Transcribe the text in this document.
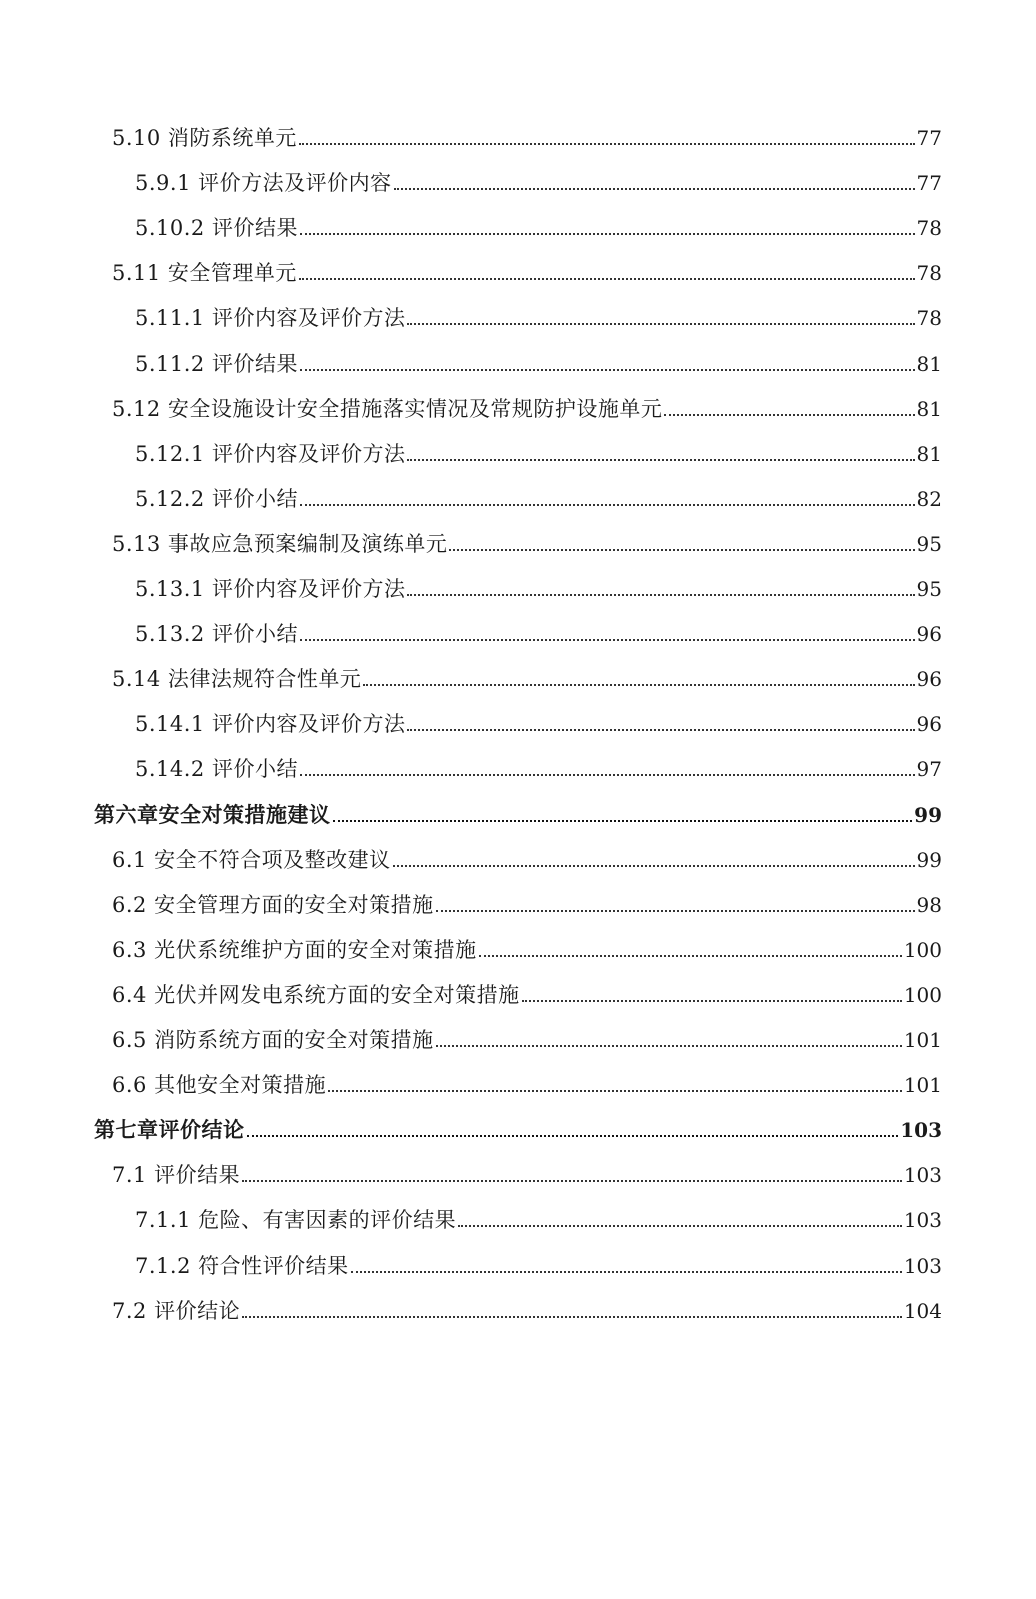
5.10 消防系统单元	77
5.9.1 评价方法及评价内容	77
5.10.2 评价结果	78
5.11 安全管理单元	78
5.11.1 评价内容及评价方法	78
5.11.2 评价结果	81
5.12 安全设施设计安全措施落实情况及常规防护设施单元	81
5.12.1 评价内容及评价方法	81
5.12.2 评价小结	82
5.13 事故应急预案编制及演练单元	95
5.13.1 评价内容及评价方法	95
5.13.2 评价小结	96
5.14 法律法规符合性单元	96
5.14.1 评价内容及评价方法	96
5.14.2 评价小结	97
第六章安全对策措施建议	99
6.1 安全不符合项及整改建议	99
6.2 安全管理方面的安全对策措施	98
6.3 光伏系统维护方面的安全对策措施	100
6.4 光伏并网发电系统方面的安全对策措施	100
6.5 消防系统方面的安全对策措施	101
6.6 其他安全对策措施	101
第七章评价结论	103
7.1 评价结果	103
7.1.1 危险、有害因素的评价结果	103
7.1.2 符合性评价结果	103
7.2 评价结论	104
